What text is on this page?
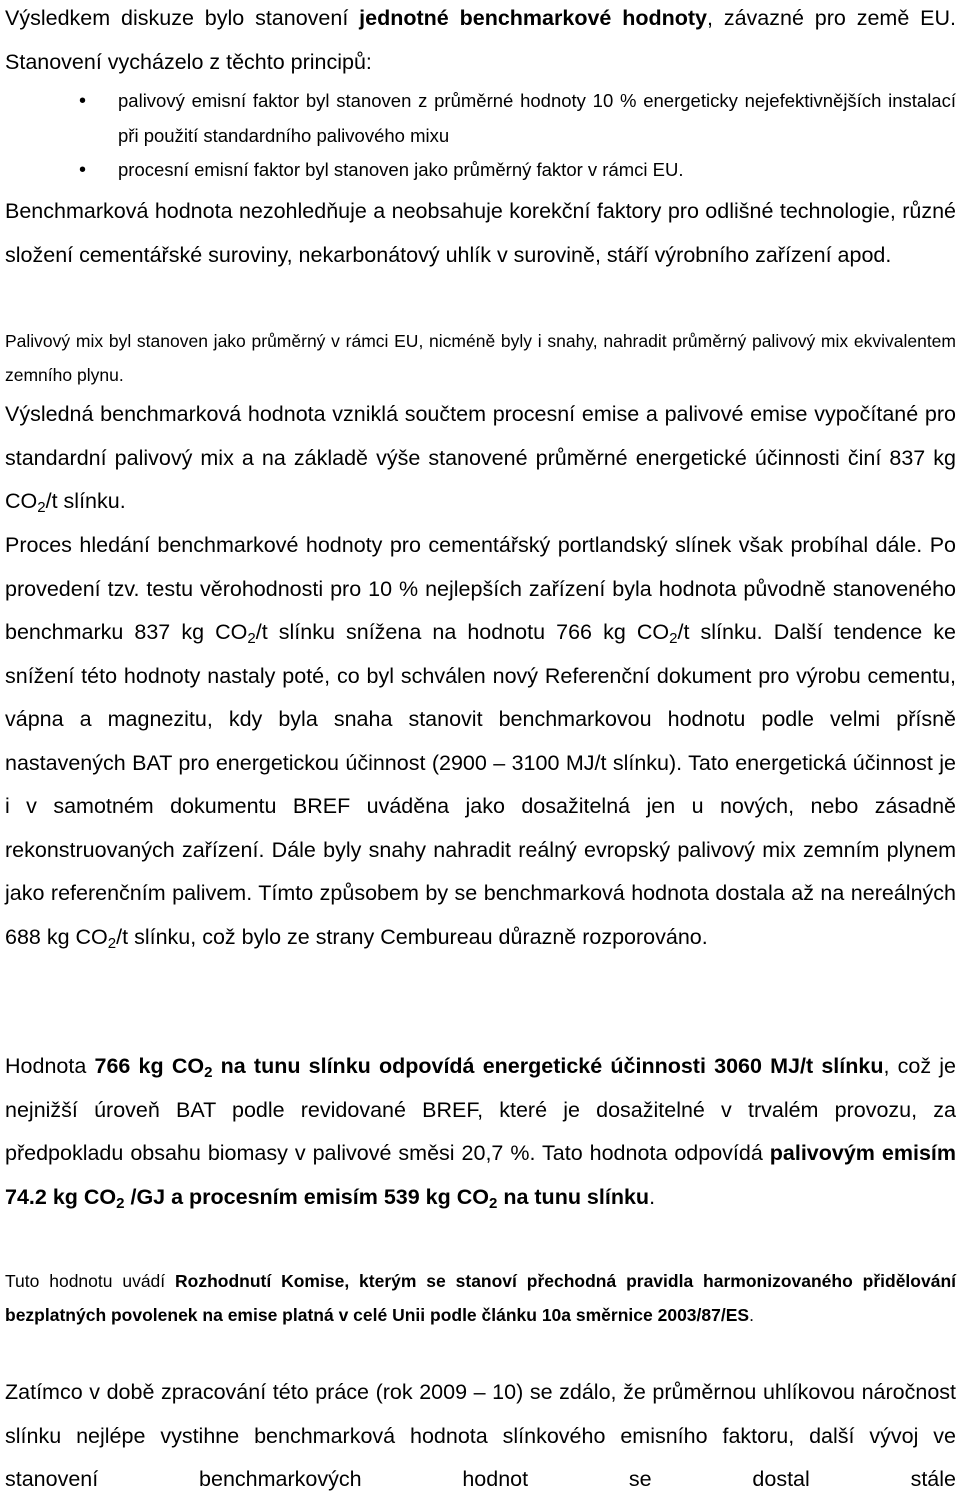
Výsledkem diskuze bylo stanovení jednotné benchmarkové hodnoty, závazné pro země EU. Stanovení vycházelo z těchto principů:

• palivový emisní faktor byl stanoven z průměrné hodnoty 10 % energeticky nejefektivnějších instalací při použití standardního palivového mixu
• procesní emisní faktor byl stanoven jako průměrný faktor v rámci EU.

Benchmarková hodnota nezohledňuje a neobsahuje korekční faktory pro odlišné technologie, různé složení cementářské suroviny, nekarbonátový uhlík v surovině, stáří výrobního zařízení apod.

Palivový mix byl stanoven jako průměrný v rámci EU, nicméně byly i snahy, nahradit průměrný palivový mix ekvivalentem zemního plynu.

Výsledná benchmarková hodnota vzniklá součtem procesní emise a palivové emise vypočítané pro standardní palivový mix a na základě výše stanovené průměrné energetické účinnosti činí 837 kg $CO_2/t$ slínku.

Proces hledání benchmarkové hodnoty pro cementářský portlandský slínek však probíhal dále. Po provedení tzv. testu věrohodnosti pro 10 % nejlepších zařízení byla hodnota původně stanoveného benchmarku 837 kg $CO_2/t$ slínku snížena na hodnotu 766 kg $CO_2/t$ slínku. Další tendence ke snížení této hodnoty nastaly poté, co byl schválen nový Referenční dokument pro výrobu cementu, vápna a magnezitu, kdy byla snaha stanovit benchmarkovou hodnotu podle velmi přísně nastavených BAT pro energetickou účinnost (2900 – 3100 MJ/t slínku). Tato energetická účinnost je i v samotném dokumentu BREF uváděna jako dosažitelná jen u nových, nebo zásadně rekonstruovaných zařízení. Dále byly snahy nahradit reálný evropský palivový mix zemním plynem jako referenčním palivem. Tímto způsobem by se benchmarková hodnota dostala až na nereálných 688 kg $CO_2/t$ slínku, což bylo ze strany Cembureau důrazně rozporováno.

Hodnota 766 kg $CO_2$ na tunu slínku odpovídá energetické účinnosti 3060 MJ/t slínku, což je nejnižší úroveň BAT podle revidované BREF, které je dosažitelné v trvalém provozu, za předpokladu obsahu biomasy v palivové směsi 20,7 %. Tato hodnota odpovídá palivovým emisím 74.2 kg $CO_2$ /GJ a procesním emisím 539 kg $CO_2$ na tunu slínku.

Tuto hodnotu uvádí Rozhodnutí Komise, kterým se stanoví přechodná pravidla harmonizovaného přidělování bezplatných povolenek na emise platná v celé Unii podle článku 10a směrnice 2003/87/ES.

Zatímco v době zpracování této práce (rok 2009 – 10) se zdálo, že průměrnou uhlíkovou náročnost slínku nejlépe vystihne benchmarková hodnota slínkového emisního faktoru, další vývoj ve stanovení benchmarkových hodnot se dostal stále
